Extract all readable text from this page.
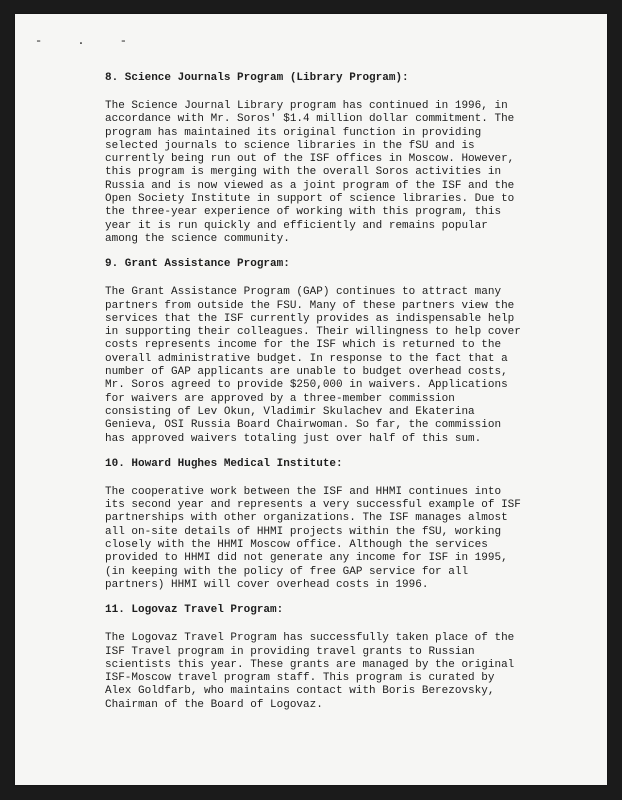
- . -
8. Science Journals Program (Library Program):
The Science Journal Library program has continued in 1996, in
accordance with Mr. Soros' $1.4 million dollar commitment. The
program has maintained its original function in providing
selected journals to science libraries in the fSU and is
currently being run out of the ISF offices in Moscow. However,
this program is merging with the overall Soros activities in
Russia and is now viewed as a joint program of the ISF and the
Open Society Institute in support of science libraries. Due to
the three-year experience of working with this program, this
year it is run quickly and efficiently and remains popular
among the science community.
9. Grant Assistance Program:
The Grant Assistance Program (GAP) continues to attract many
partners from outside the FSU. Many of these partners view the
services that the ISF currently provides as indispensable help
in supporting their colleagues. Their willingness to help cover
costs represents income for the ISF which is returned to the
overall administrative budget. In response to the fact that a
number of GAP applicants are unable to budget overhead costs,
Mr. Soros agreed to provide $250,000 in waivers. Applications
for waivers are approved by a three-member commission
consisting of Lev Okun, Vladimir Skulachev and Ekaterina
Genieva, OSI Russia Board Chairwoman. So far, the commission
has approved waivers totaling just over half of this sum.
10. Howard Hughes Medical Institute:
The cooperative work between the ISF and HHMI continues into
its second year and represents a very successful example of ISF
partnerships with other organizations. The ISF manages almost
all on-site details of HHMI projects within the fSU, working
closely with the HHMI Moscow office. Although the services
provided to HHMI did not generate any income for ISF in 1995,
(in keeping with the policy of free GAP service for all
partners) HHMI will cover overhead costs in 1996.
11. Logovaz Travel Program:
The Logovaz Travel Program has successfully taken place of the
ISF Travel program in providing travel grants to Russian
scientists this year. These grants are managed by the original
ISF-Moscow travel program staff. This program is curated by
Alex Goldfarb, who maintains contact with Boris Berezovsky,
Chairman of the Board of Logovaz.
